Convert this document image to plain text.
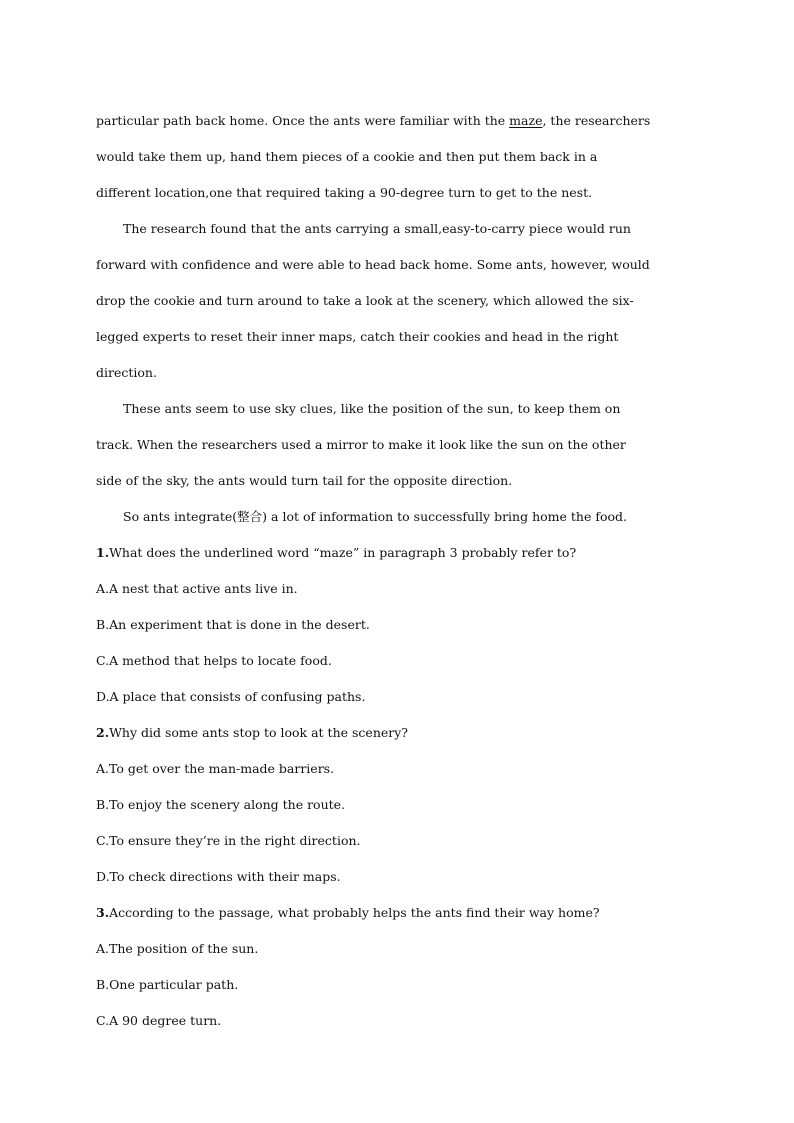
particular path back home. Once the ants were familiar with the maze, the researchers
would take them up, hand them pieces of a cookie and then put them back in a
different location,one that required taking a 90-degree turn to get to the nest.
The research found that the ants carrying a small,easy-to-carry piece would run
forward with confidence and were able to head back home. Some ants, however, would
drop the cookie and turn around to take a look at the scenery, which allowed the six-
legged experts to reset their inner maps, catch their cookies and head in the right
direction.
These ants seem to use sky clues, like the position of the sun, to keep them on
track. When the researchers used a mirror to make it look like the sun on the other
side of the sky, the ants would turn tail for the opposite direction.
So ants integrate(整合) a lot of information to successfully bring home the food.
1.What does the underlined word “maze” in paragraph 3 probably refer to?
A.A nest that active ants live in.
B.An experiment that is done in the desert.
C.A method that helps to locate food.
D.A place that consists of confusing paths.
2.Why did some ants stop to look at the scenery?
A.To get over the man-made barriers.
B.To enjoy the scenery along the route.
C.To ensure they’re in the right direction.
D.To check directions with their maps.
3.According to the passage, what probably helps the ants find their way home?
A.The position of the sun.
B.One particular path.
C.A 90 degree turn.
